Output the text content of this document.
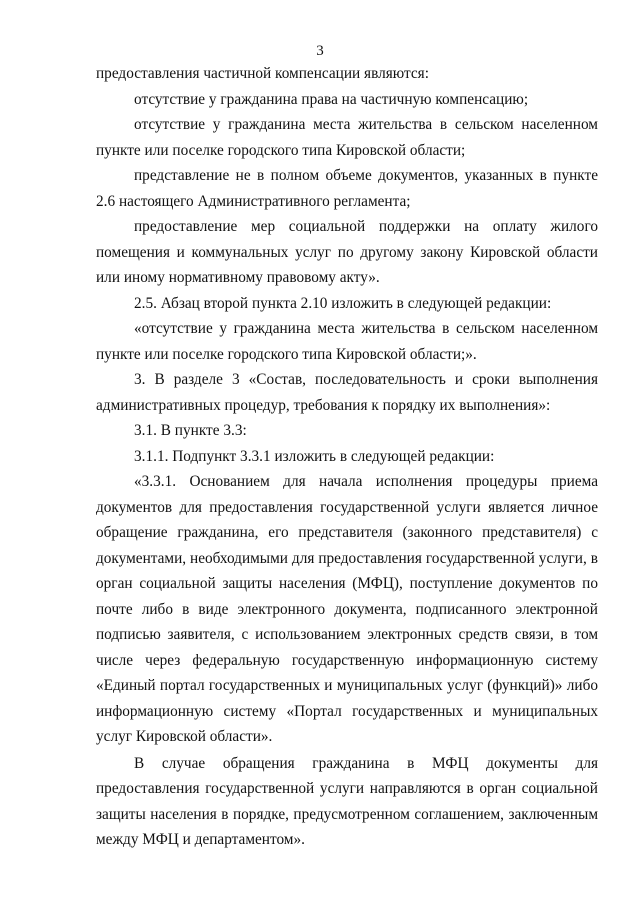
3

предоставления частичной компенсации являются:

отсутствие у гражданина права на частичную компенсацию;

отсутствие у гражданина места жительства в сельском населенном пункте или поселке городского типа Кировской области;

представление не в полном объеме документов, указанных в пункте 2.6 настоящего Административного регламента;

предоставление мер социальной поддержки на оплату жилого помещения и коммунальных услуг по другому закону Кировской области или иному нормативному правовому акту».

2.5. Абзац второй пункта 2.10 изложить в следующей редакции:

«отсутствие у гражданина места жительства в сельском населенном пункте или поселке городского типа Кировской области;».

3. В разделе 3 «Состав, последовательность и сроки выполнения административных процедур, требования к порядку их выполнения»:

3.1. В пункте 3.3:

3.1.1. Подпункт 3.3.1 изложить в следующей редакции:

«3.3.1. Основанием для начала исполнения процедуры приема документов для предоставления государственной услуги является личное обращение гражданина, его представителя (законного представителя) с документами, необходимыми для предоставления государственной услуги, в орган социальной защиты населения (МФЦ), поступление документов по почте либо в виде электронного документа, подписанного электронной подписью заявителя, с использованием электронных средств связи, в том числе через федеральную государственную информационную систему «Единый портал государственных и муниципальных услуг (функций)» либо информационную систему «Портал государственных и муниципальных услуг Кировской области».

В случае обращения гражданина в МФЦ документы для предоставления государственной услуги направляются в орган социальной защиты населения в порядке, предусмотренном соглашением, заключенным между МФЦ и департаментом».
